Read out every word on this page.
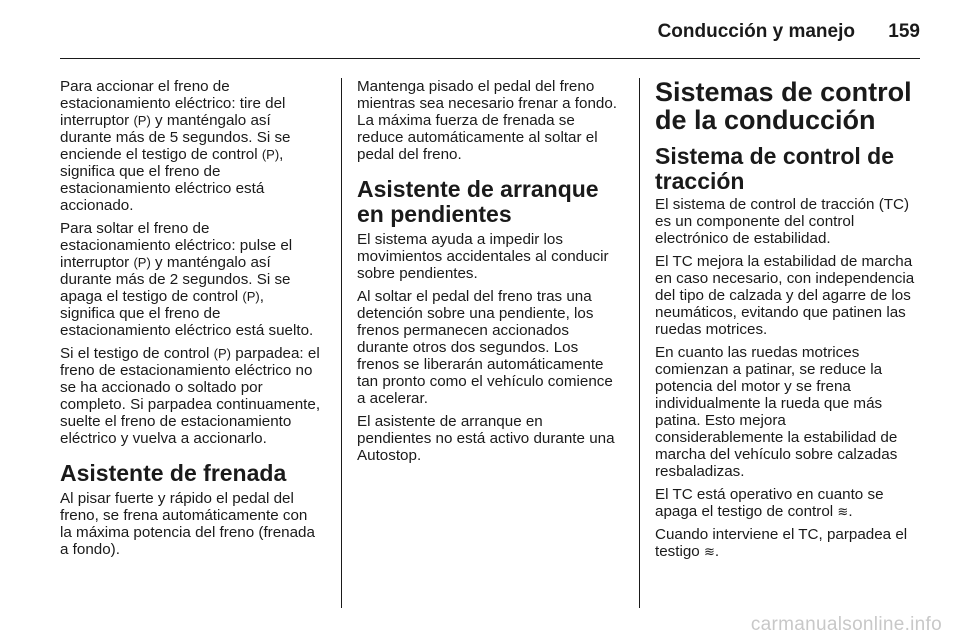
Conducción y manejo 159

Para accionar el freno de estacionamiento eléctrico: tire del interruptor (P) y manténgalo así durante más de 5 segundos. Si se enciende el testigo de control (P), significa que el freno de estacionamiento eléctrico está accionado.

Para soltar el freno de estacionamiento eléctrico: pulse el interruptor (P) y manténgalo así durante más de 2 segundos. Si se apaga el testigo de control (P), significa que el freno de estacionamiento eléctrico está suelto.

Si el testigo de control (P) parpadea: el freno de estacionamiento eléctrico no se ha accionado o soltado por completo. Si parpadea continuamente, suelte el freno de estacionamiento eléctrico y vuelva a accionarlo.

Asistente de frenada

Al pisar fuerte y rápido el pedal del freno, se frena automáticamente con la máxima potencia del freno (frenada a fondo).

Mantenga pisado el pedal del freno mientras sea necesario frenar a fondo. La máxima fuerza de frenada se reduce automáticamente al soltar el pedal del freno.

Asistente de arranque en pendientes

El sistema ayuda a impedir los movimientos accidentales al conducir sobre pendientes.

Al soltar el pedal del freno tras una detención sobre una pendiente, los frenos permanecen accionados durante otros dos segundos. Los frenos se liberarán automáticamente tan pronto como el vehículo comience a acelerar.

El asistente de arranque en pendientes no está activo durante una Autostop.

Sistemas de control de la conducción
Sistema de control de tracción

El sistema de control de tracción (TC) es un componente del control electrónico de estabilidad.

El TC mejora la estabilidad de marcha en caso necesario, con independencia del tipo de calzada y del agarre de los neumáticos, evitando que patinen las ruedas motrices.

En cuanto las ruedas motrices comienzan a patinar, se reduce la potencia del motor y se frena individualmente la rueda que más patina. Esto mejora considerablemente la estabilidad de marcha del vehículo sobre calzadas resbaladizas.

El TC está operativo en cuanto se apaga el testigo de control ≋.

Cuando interviene el TC, parpadea el testigo ≋.

carmanualsonline.info
